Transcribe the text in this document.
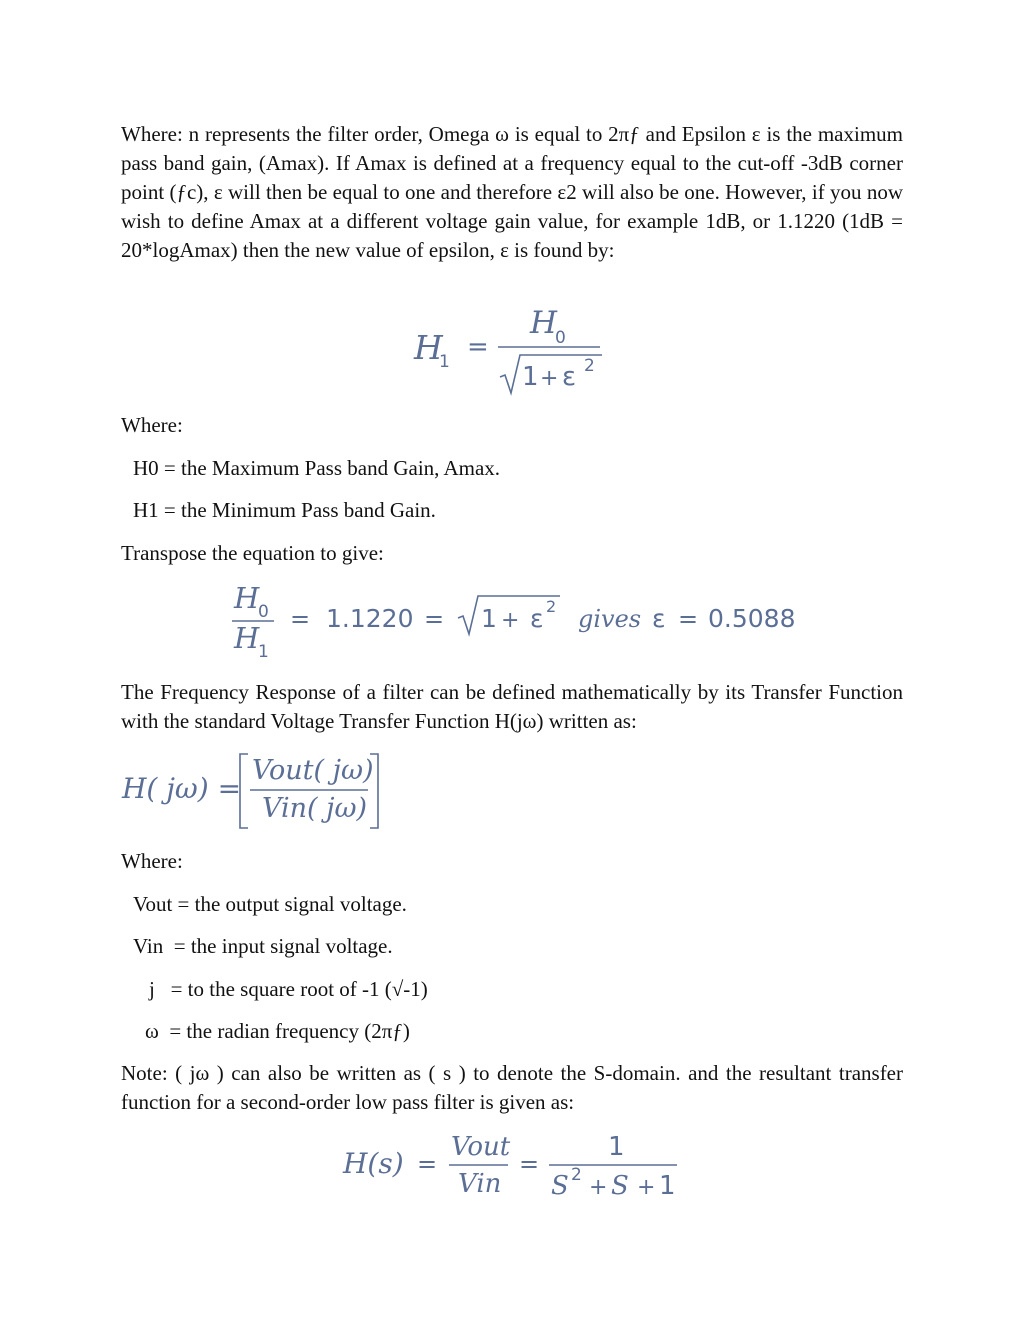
Where: n represents the filter order, Omega ω is equal to 2πƒ and Epsilon ε is the maximum pass band gain, (Amax). If Amax is defined at a frequency equal to the cut-off -3dB corner point (ƒc), ε will then be equal to one and therefore ε2 will also be one. However, if you now wish to define Amax at a different voltage gain value, for example 1dB, or 1.1220 (1dB = 20*logAmax) then the new value of epsilon, ε is found by:

H
1 =
H
0
1 + ε 2

Where:

H0 = the Maximum Pass band Gain, Amax.

H1 = the Minimum Pass band Gain.

Transpose the equation to give:

H
0
H
1
= 1.1220 = 1 + ε 2 gives ε = 0.5088

The Frequency Response of a filter can be defined mathematically by its Transfer Function with the standard Voltage Transfer Function H(jω) written as:

H( jω) =
Vout( jω)
Vin( jω)

Where:

Vout = the output signal voltage.

Vin  = the input signal voltage.

j   = to the square root of -1 (√-1)

ω  = the radian frequency (2πƒ)

Note: ( jω ) can also be written as ( s ) to denote the S-domain. and the resultant transfer function for a second-order low pass filter is given as:

H(s) =
Vout
Vin
=
1
S 2 + S + 1
